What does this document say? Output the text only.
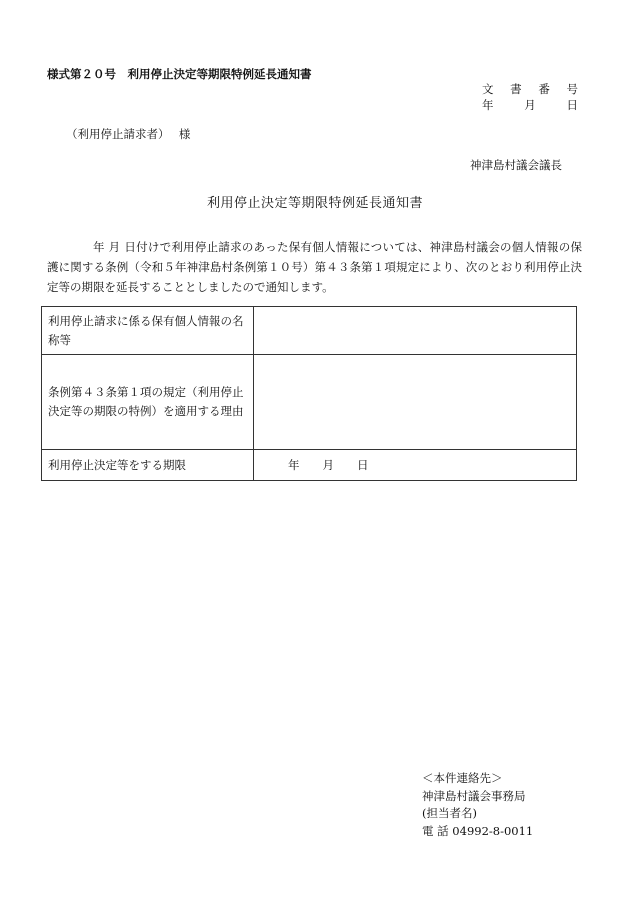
様式第２０号　利用停止決定等期限特例延長通知書
文 書 番 号
年	月	日
（利用停止請求者）　 様
神津島村議会議長
利用停止決定等期限特例延長通知書
年 月 日付けで利用停止請求のあった保有個人情報については、神津島村議会の個人情報の保護に関する条例（令和５年神津島村条例第１０号）第４３条第１項規定により、次のとおり利用停止決定等の期限を延長することとしましたので通知します。
利用停止請求に係る保有個人情報の名称等	
条例第４３条第１項の規定（利用停止決定等の期限の特例）を適用する理由	
利用停止決定等をする期限	年　　月　　日
＜本件連絡先＞
神津島村議会事務局
(担当者名)
電 話 04992-8-0011
